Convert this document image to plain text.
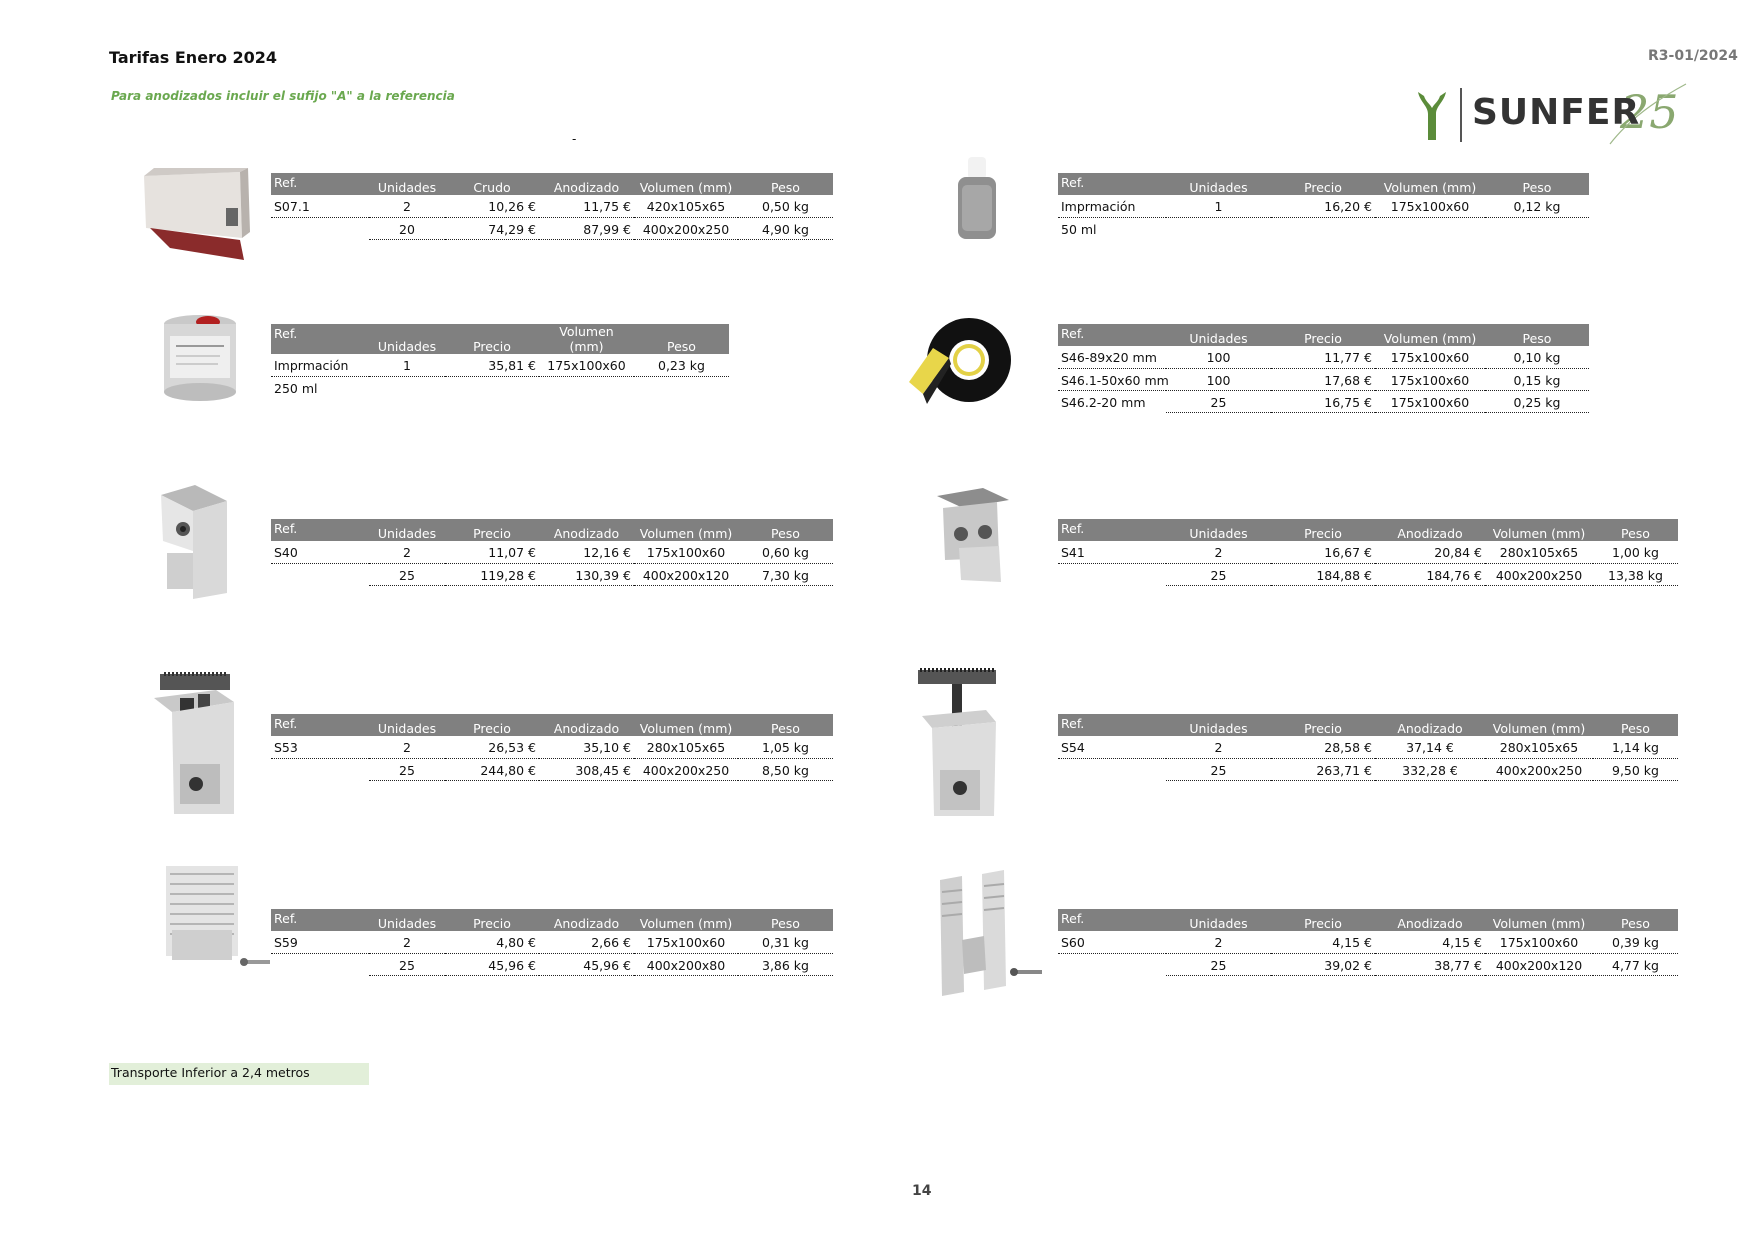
Tarifas Enero 2024	R3-01/2024
Para anodizados incluir el sufijo "A" a la referencia
-	25
SUNFER
Ref.	Unidades	Crudo	Anodizado	Volumen (mm)	Peso
S07.1	2	10,26 €	11,75 €	420x105x65	0,50 kg
	20	74,29 €	87,99 €	400x200x250	4,90 kg
Ref.	Unidades	Precio	Volumen (mm)	Peso
Imprmación	1	35,81 €	175x100x60	0,23 kg
250 ml				
Ref.	Unidades	Precio	Anodizado	Volumen (mm)	Peso
S40	2	11,07 €	12,16 €	175x100x60	0,60 kg
	25	119,28 €	130,39 €	400x200x120	7,30 kg
Ref.	Unidades	Precio	Anodizado	Volumen (mm)	Peso
S53	2	26,53 €	35,10 €	280x105x65	1,05 kg
	25	244,80 €	308,45 €	400x200x250	8,50 kg
Ref.	Unidades	Precio	Anodizado	Volumen (mm)	Peso
S59	2	4,80 €	2,66 €	175x100x60	0,31 kg
	25	45,96 €	45,96 €	400x200x80	3,86 kg
Ref.	Unidades	Precio	Volumen (mm)	Peso
Imprmación	1	16,20 €	175x100x60	0,12 kg
50 ml				
Ref.	Unidades	Precio	Volumen (mm)	Peso
S46-89x20 mm	100	11,77 €	175x100x60	0,10 kg
S46.1-50x60 mm	100	17,68 €	175x100x60	0,15 kg
S46.2-20 mm	25	16,75 €	175x100x60	0,25 kg
Ref.	Unidades	Precio	Anodizado	Volumen (mm)	Peso
S41	2	16,67 €	20,84 €	280x105x65	1,00 kg
	25	184,88 €	184,76 €	400x200x250	13,38 kg
Ref.	Unidades	Precio	Anodizado	Volumen (mm)	Peso
S54	2	28,58 €	37,14 €	280x105x65	1,14 kg
	25	263,71 €	332,28 €	400x200x250	9,50 kg
Ref.	Unidades	Precio	Anodizado	Volumen (mm)	Peso
S60	2	4,15 €	4,15 €	175x100x60	0,39 kg
	25	39,02 €	38,77 €	400x200x120	4,77 kg
Transporte Inferior a 2,4 metros
14
